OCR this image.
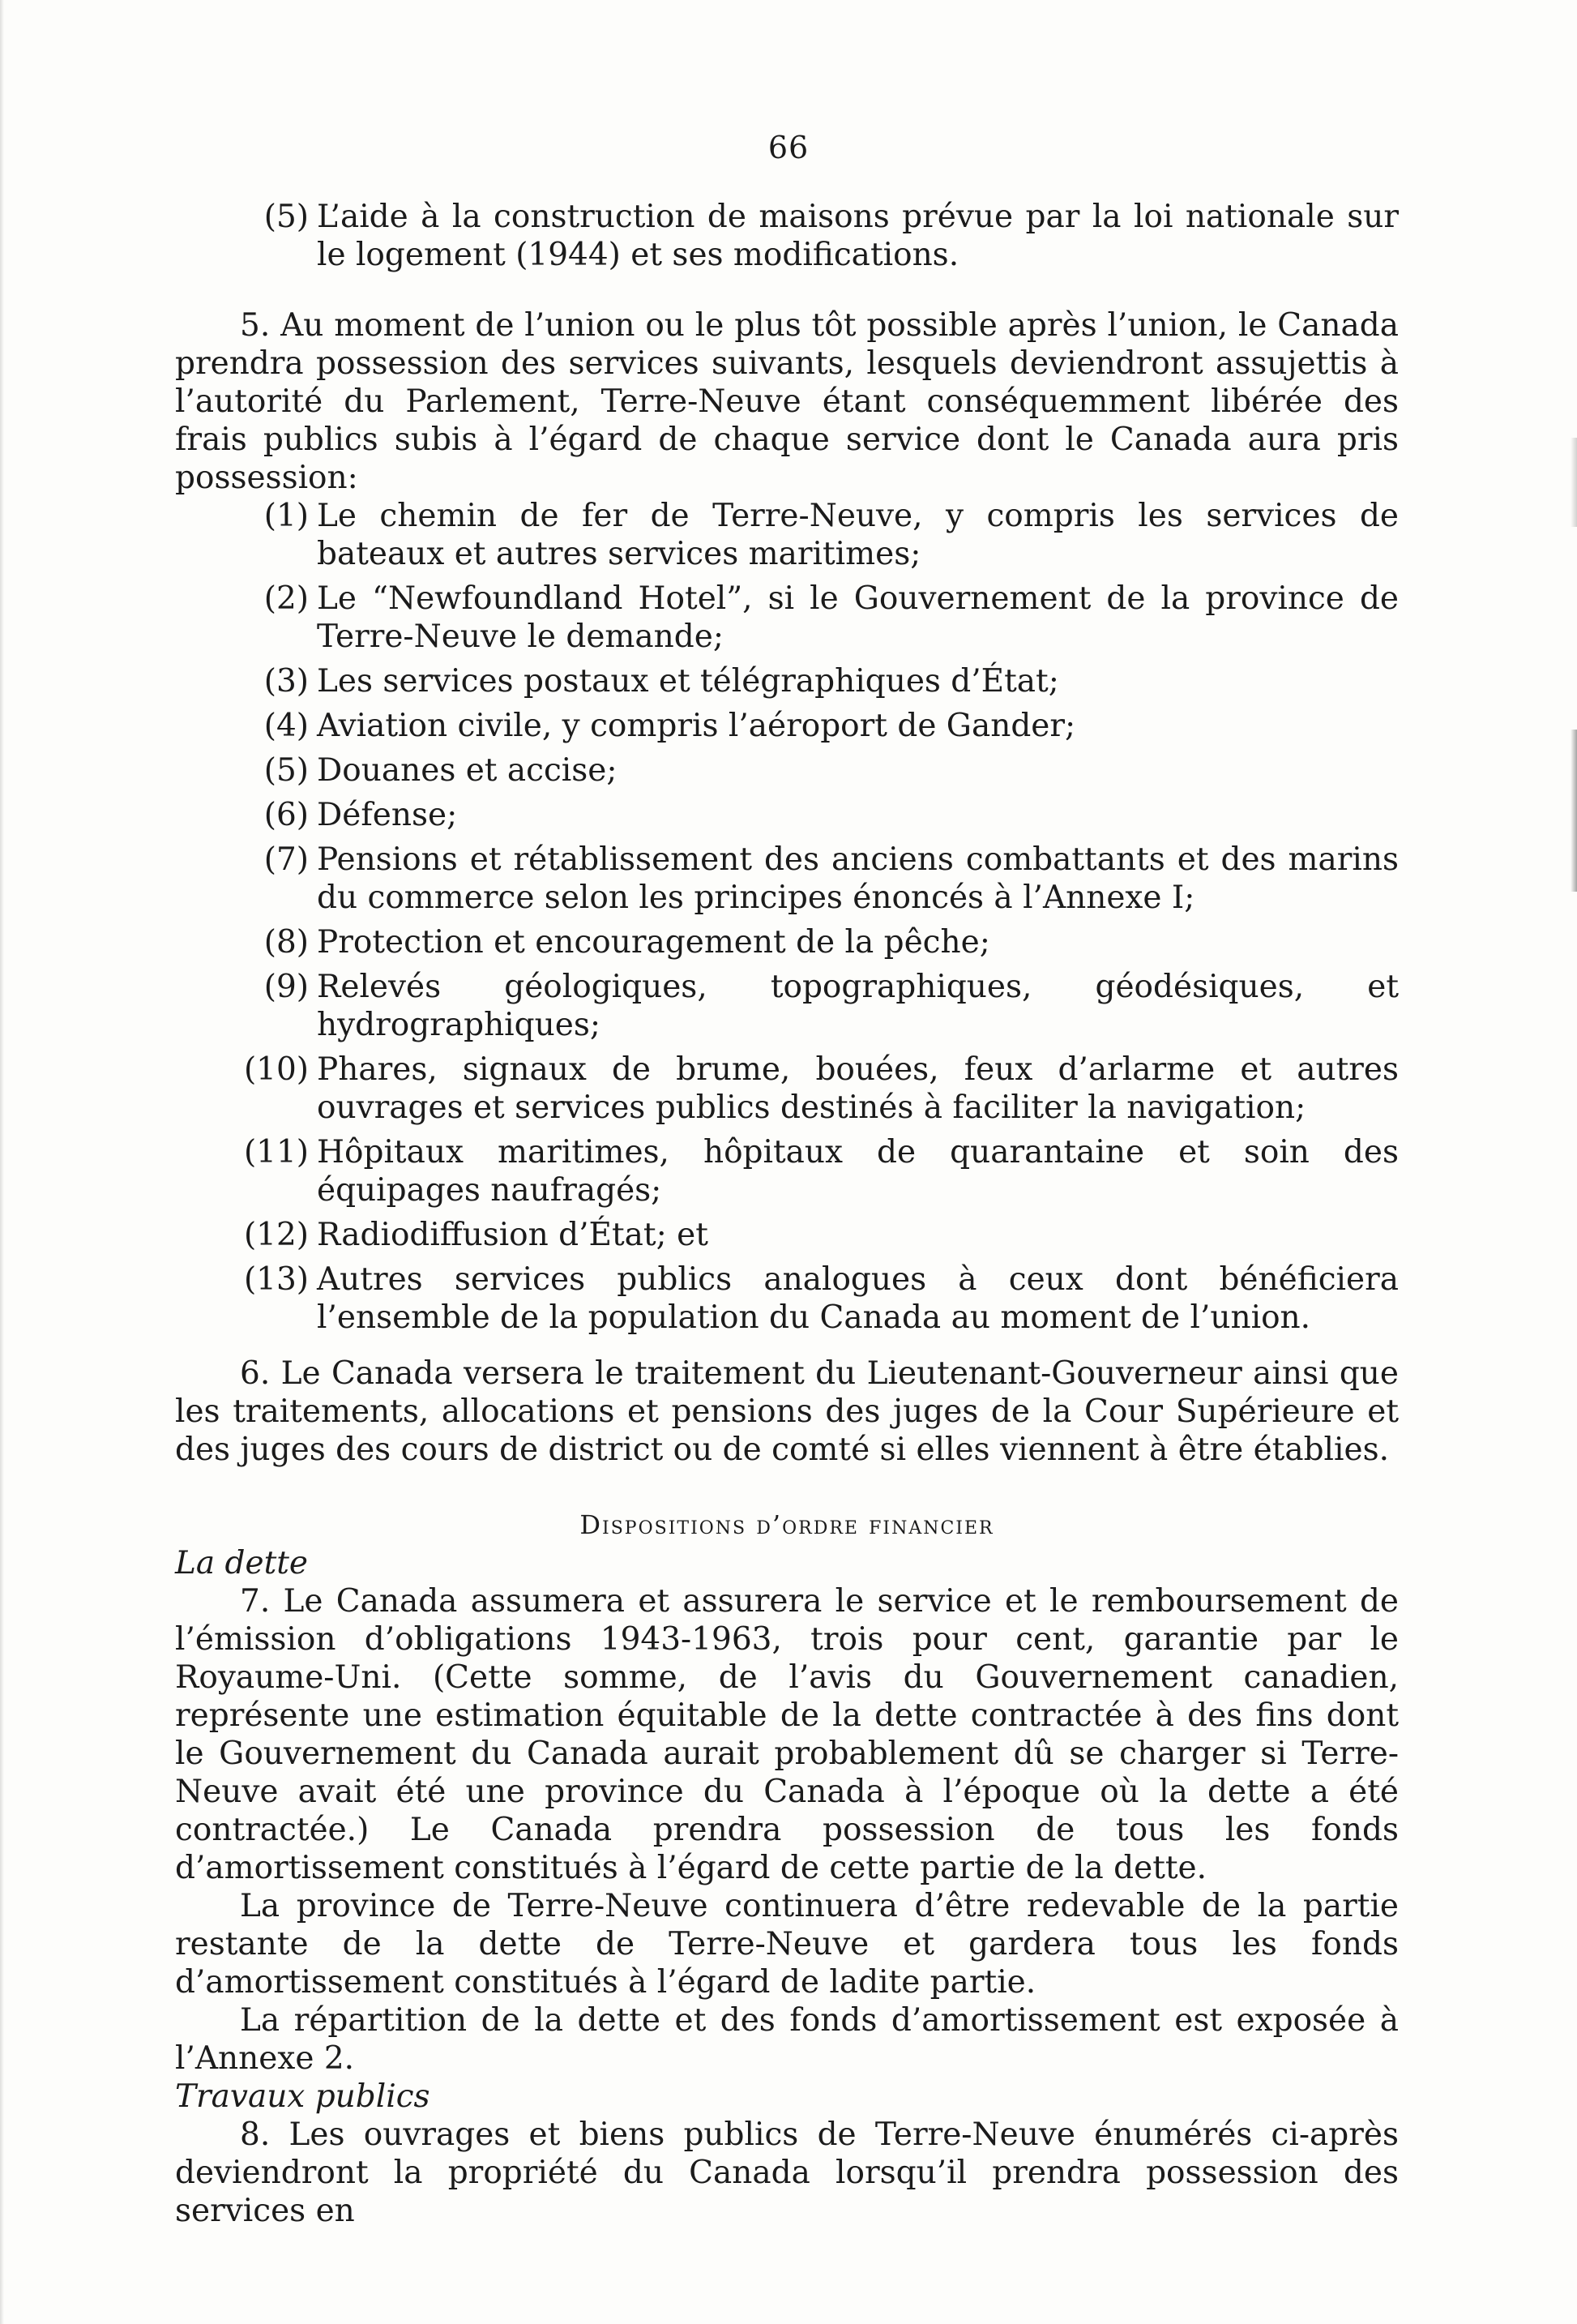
66

(5) L’aide à la construction de maisons prévue par la loi nationale sur le logement (1944) et ses modifications.

5. Au moment de l’union ou le plus tôt possible après l’union, le Canada prendra possession des services suivants, lesquels deviendront assujettis à l’autorité du Parlement, Terre-Neuve étant conséquemment libérée des frais publics subis à l’égard de chaque service dont le Canada aura pris possession:

(1) Le chemin de fer de Terre-Neuve, y compris les services de bateaux et autres services maritimes;

(2) Le “Newfoundland Hotel”, si le Gouvernement de la province de Terre-Neuve le demande;

(3) Les services postaux et télégraphiques d’État;

(4) Aviation civile, y compris l’aéroport de Gander;

(5) Douanes et accise;

(6) Défense;

(7) Pensions et rétablissement des anciens combattants et des marins du commerce selon les principes énoncés à l’Annexe I;

(8) Protection et encouragement de la pêche;

(9) Relevés géologiques, topographiques, géodésiques, et hydrographiques;

(10) Phares, signaux de brume, bouées, feux d’arlarme et autres ouvrages et services publics destinés à faciliter la navigation;

(11) Hôpitaux maritimes, hôpitaux de quarantaine et soin des équipages naufragés;

(12) Radiodiffusion d’État; et

(13) Autres services publics analogues à ceux dont bénéficiera l’ensemble de la population du Canada au moment de l’union.

6. Le Canada versera le traitement du Lieutenant-Gouverneur ainsi que les traitements, allocations et pensions des juges de la Cour Supérieure et des juges des cours de district ou de comté si elles viennent à être établies.

Dispositions d’ordre financier

La dette

7. Le Canada assumera et assurera le service et le remboursement de l’émission d’obligations 1943-1963, trois pour cent, garantie par le Royaume-Uni. (Cette somme, de l’avis du Gouvernement canadien, représente une estimation équitable de la dette contractée à des fins dont le Gouvernement du Canada aurait probablement dû se charger si Terre-Neuve avait été une province du Canada à l’époque où la dette a été contractée.) Le Canada prendra possession de tous les fonds d’amortissement constitués à l’égard de cette partie de la dette.

La province de Terre-Neuve continuera d’être redevable de la partie restante de la dette de Terre-Neuve et gardera tous les fonds d’amortissement constitués à l’égard de ladite partie.

La répartition de la dette et des fonds d’amortissement est exposée à l’Annexe 2.

Travaux publics

8. Les ouvrages et biens publics de Terre-Neuve énumérés ci-après deviendront la propriété du Canada lorsqu’il prendra possession des services en
